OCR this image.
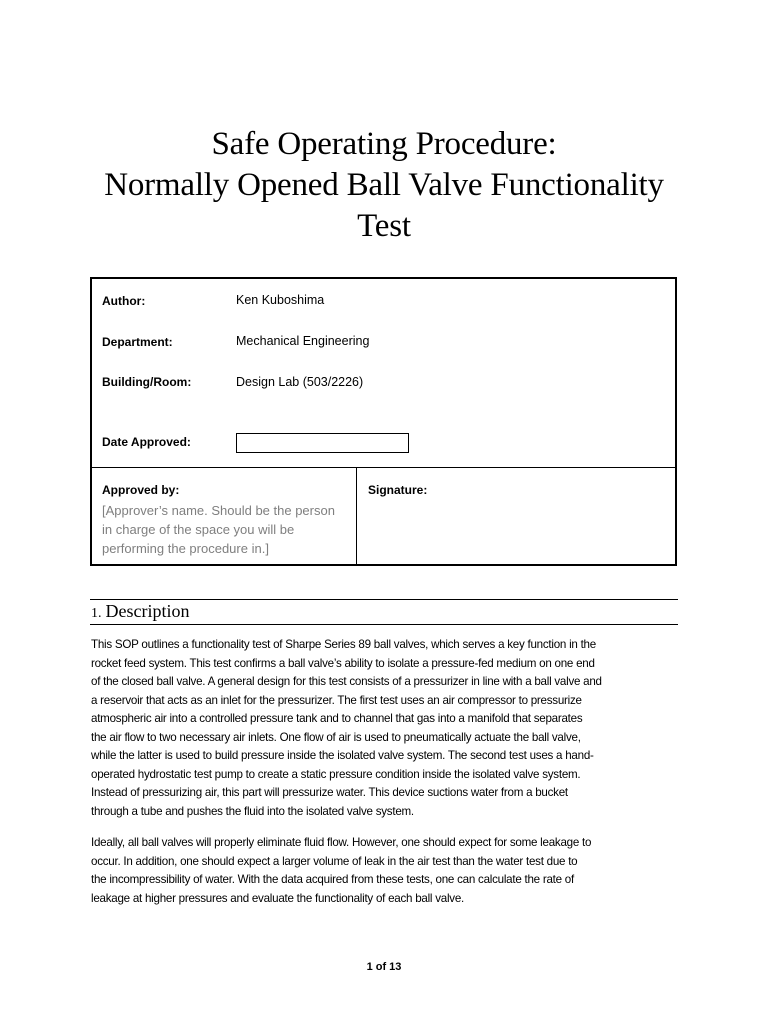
Safe Operating Procedure:
Normally Opened Ball Valve Functionality
Test
Author:	Ken Kuboshima
Department:	Mechanical Engineering
Building/Room:	Design Lab (503/2226)
Date Approved:
Approved by:
[Approver’s name. Should be the person in charge of the space you will be performing the procedure in.]
Signature:
1. Description
This SOP outlines a functionality test of Sharpe Series 89 ball valves, which serves a key function in the
rocket feed system. This test confirms a ball valve’s ability to isolate a pressure-fed medium on one end
of the closed ball valve. A general design for this test consists of a pressurizer in line with a ball valve and
a reservoir that acts as an inlet for the pressurizer. The first test uses an air compressor to pressurize
atmospheric air into a controlled pressure tank and to channel that gas into a manifold that separates
the air flow to two necessary air inlets. One flow of air is used to pneumatically actuate the ball valve,
while the latter is used to build pressure inside the isolated valve system. The second test uses a hand-
operated hydrostatic test pump to create a static pressure condition inside the isolated valve system.
Instead of pressurizing air, this part will pressurize water. This device suctions water from a bucket
through a tube and pushes the fluid into the isolated valve system.
Ideally, all ball valves will properly eliminate fluid flow. However, one should expect for some leakage to
occur. In addition, one should expect a larger volume of leak in the air test than the water test due to
the incompressibility of water. With the data acquired from these tests, one can calculate the rate of
leakage at higher pressures and evaluate the functionality of each ball valve.
1 of 13
